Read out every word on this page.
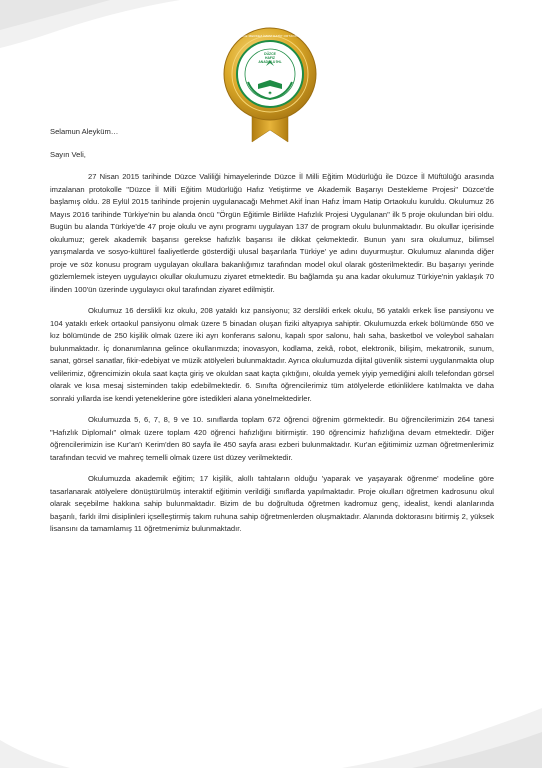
DÜZCE
HAFIZ
ANADOLU İHL
2015
DÜZCE MERKEZ İMAM HATİP ORTAOKULU

Selamun Aleyküm…

Sayın Veli,

27 Nisan 2015 tarihinde Düzce Valiliği himayelerinde Düzce İl Milli Eğitim Müdürlüğü ile Düzce İl Müftülüğü arasında imzalanan protokolle ''Düzce İl Milli Eğitim Müdürlüğü Hafız Yetiştirme ve Akademik Başarıyı Destekleme Projesi'' Düzce'de başlamış oldu. 28 Eylül 2015 tarihinde projenin uygulanacağı Mehmet Akif İnan Hafız İmam Hatip Ortaokulu kuruldu. Okulumuz 26 Mayıs 2016 tarihinde Türkiye'nin bu alanda öncü ''Örgün Eğitimle Birlikte Hafızlık Projesi Uygulanan'' ilk 5 proje okulundan biri oldu. Bugün bu alanda Türkiye'de 47 proje okulu ve aynı programı uygulayan 137 de program okulu bulunmaktadır. Bu okullar içerisinde okulumuz; gerek akademik başarısı gerekse hafızlık başarısı ile dikkat çekmektedir. Bunun yanı sıra okulumuz, bilimsel yarışmalarda ve sosyo-kültürel faaliyetlerde gösterdiği ulusal başarılarla Türkiye' ye adını duyurmuştur. Okulumuz alanında diğer proje ve söz konusu program uygulayan okullara bakanlığımız tarafından model okul olarak gösterilmektedir. Bu başarıyı yerinde gözlemlemek isteyen uygulayıcı okullar okulumuzu ziyaret etmektedir. Bu bağlamda şu ana kadar okulumuz Türkiye'nin yaklaşık 70 ilinden 100'ün üzerinde uygulayıcı okul tarafından ziyaret edilmiştir.

Okulumuz 16 derslikli kız okulu, 208 yataklı kız pansiyonu; 32 derslikli erkek okulu, 56 yataklı erkek lise pansiyonu ve 104 yataklı erkek ortaokul pansiyonu olmak üzere 5 binadan oluşan fiziki altyapıya sahiptir. Okulumuzda erkek bölümünde 650 ve kız bölümünde de 250 kişilik olmak üzere iki ayrı konferans salonu, kapalı spor salonu, halı saha, basketbol ve voleybol sahaları bulunmaktadır. İç donanımlarına gelince okullarımızda; inovasyon, kodlama, zekâ, robot, elektronik, bilişim, mekatronik, sunum, sanat, görsel sanatlar, fikir-edebiyat ve müzik atölyeleri bulunmaktadır. Ayrıca okulumuzda dijital güvenlik sistemi uygulanmakta olup velilerimiz, öğrencimizin okula saat kaçta giriş ve okuldan saat kaçta çıktığını, okulda yemek yiyip yemediğini akıllı telefondan görsel olarak ve kısa mesaj sisteminden takip edebilmektedir. 6. Sınıfta öğrencilerimiz tüm atölyelerde etkinliklere katılmakta ve daha sonraki yıllarda ise kendi yeteneklerine göre istedikleri alana yönelmektedirler.

Okulumuzda 5, 6, 7, 8, 9 ve 10. sınıflarda toplam 672 öğrenci öğrenim görmektedir. Bu öğrencilerimizin 264 tanesi "Hafızlık Diplomalı" olmak üzere toplam 420 öğrenci hafızlığını bitirmiştir. 190 öğrencimiz hafızlığına devam etmektedir. Diğer öğrencilerimizin ise Kur'an'ı Kerim'den 80 sayfa ile 450 sayfa arası ezberi bulunmaktadır. Kur'an eğitimimiz uzman öğretmenlerimiz tarafından tecvid ve mahreç temelli olmak üzere üst düzey verilmektedir.

Okulumuzda akademik eğitim; 17 kişilik, akıllı tahtaların olduğu 'yaparak ve yaşayarak öğrenme' modeline göre tasarlanarak atölyelere dönüştürülmüş interaktif eğitimin verildiği sınıflarda yapılmaktadır. Proje okulları öğretmen kadrosunu okul olarak seçebilme hakkına sahip bulunmaktadır. Bizim de bu doğrultuda öğretmen kadromuz genç, idealist, kendi alanlarında başarılı, farklı ilmi disiplinleri içselleştirmiş takım ruhuna sahip öğretmenlerden oluşmaktadır. Alanında doktorasını bitirmiş 2, yüksek lisansını da tamamlamış 11 öğretmenimiz bulunmaktadır.
